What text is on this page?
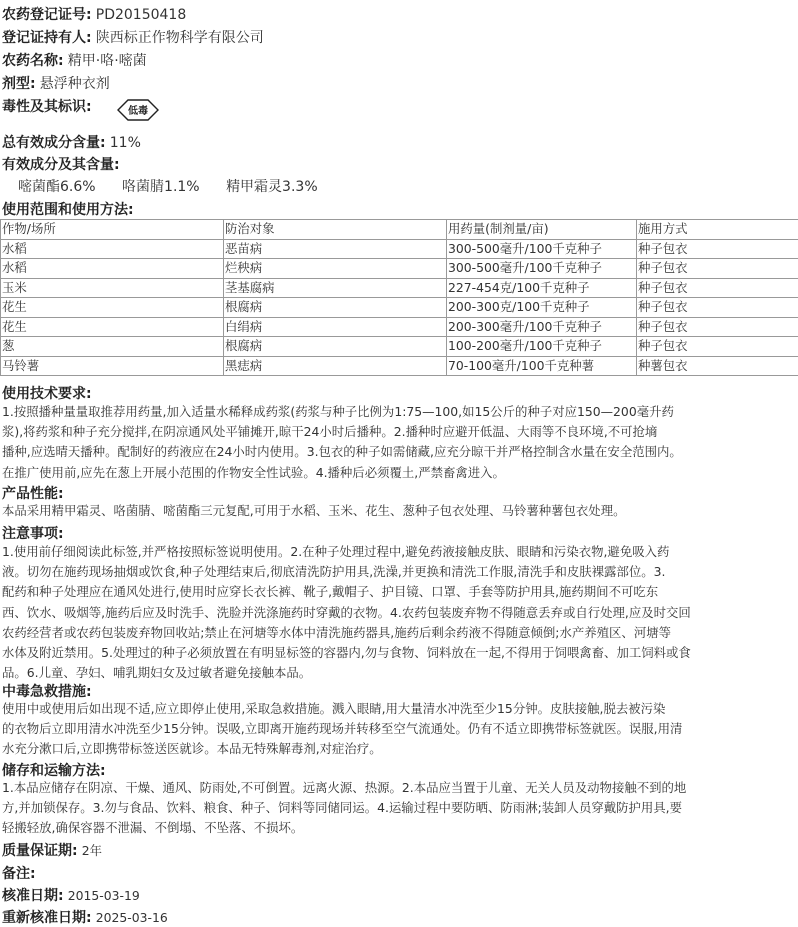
农药登记证号: PD20150418
登记证持有人: 陕西标正作物科学有限公司
农药名称: 精甲·咯·嘧菌
剂型: 悬浮种衣剂
毒性及其标识:	低毒
总有效成分含量: 11%
有效成分及其含量:
嘧菌酯6.6% 咯菌腈1.1% 精甲霜灵3.3%
使用范围和使用方法:
作物/场所	防治对象	用药量(制剂量/亩)	施用方式
水稻	恶苗病	300-500毫升/100千克种子	种子包衣
水稻	烂秧病	300-500毫升/100千克种子	种子包衣
玉米	茎基腐病	227-454克/100千克种子	种子包衣
花生	根腐病	200-300克/100千克种子	种子包衣
花生	白绢病	200-300毫升/100千克种子	种子包衣
葱	根腐病	100-200毫升/100千克种子	种子包衣
马铃薯	黑痣病	70-100毫升/100千克种薯	种薯包衣
使用技术要求:
1.按照播种量量取推荐用药量,加入适量水稀释成药浆(药浆与种子比例为1:75—100,如15公斤的种子对应150—200毫升药
浆),将药浆和种子充分搅拌,在阴凉通风处平铺摊开,晾干24小时后播种。2.播种时应避开低温、大雨等不良环境,不可抢墒
播种,应选晴天播种。配制好的药液应在24小时内使用。3.包衣的种子如需储藏,应充分晾干并严格控制含水量在安全范围内。
在推广使用前,应先在葱上开展小范围的作物安全性试验。4.播种后必须覆土,严禁畜禽进入。
产品性能:
本品采用精甲霜灵、咯菌腈、嘧菌酯三元复配,可用于水稻、玉米、花生、葱种子包衣处理、马铃薯种薯包衣处理。
注意事项:
1.使用前仔细阅读此标签,并严格按照标签说明使用。2.在种子处理过程中,避免药液接触皮肤、眼睛和污染衣物,避免吸入药
液。切勿在施药现场抽烟或饮食,种子处理结束后,彻底清洗防护用具,洗澡,并更换和清洗工作服,清洗手和皮肤裸露部位。3.
配药和种子处理应在通风处进行,使用时应穿长衣长裤、靴子,戴帽子、护目镜、口罩、手套等防护用具,施药期间不可吃东
西、饮水、吸烟等,施药后应及时洗手、洗脸并洗涤施药时穿戴的衣物。4.农药包装废弃物不得随意丢弃或自行处理,应及时交回
农药经营者或农药包装废弃物回收站;禁止在河塘等水体中清洗施药器具,施药后剩余药液不得随意倾倒;水产养殖区、河塘等
水体及附近禁用。5.处理过的种子必须放置在有明显标签的容器内,勿与食物、饲料放在一起,不得用于饲喂禽畜、加工饲料或食
品。6.儿童、孕妇、哺乳期妇女及过敏者避免接触本品。
中毒急救措施:
使用中或使用后如出现不适,应立即停止使用,采取急救措施。溅入眼睛,用大量清水冲洗至少15分钟。皮肤接触,脱去被污染
的衣物后立即用清水冲洗至少15分钟。误吸,立即离开施药现场并转移至空气流通处。仍有不适立即携带标签就医。误服,用清
水充分漱口后,立即携带标签送医就诊。本品无特殊解毒剂,对症治疗。
储存和运输方法:
1.本品应储存在阴凉、干燥、通风、防雨处,不可倒置。远离火源、热源。2.本品应当置于儿童、无关人员及动物接触不到的地
方,并加锁保存。3.勿与食品、饮料、粮食、种子、饲料等同储同运。4.运输过程中要防晒、防雨淋;装卸人员穿戴防护用具,要
轻搬轻放,确保容器不泄漏、不倒塌、不坠落、不损坏。
质量保证期: 2年
备注:
核准日期: 2015-03-19
重新核准日期: 2025-03-16
